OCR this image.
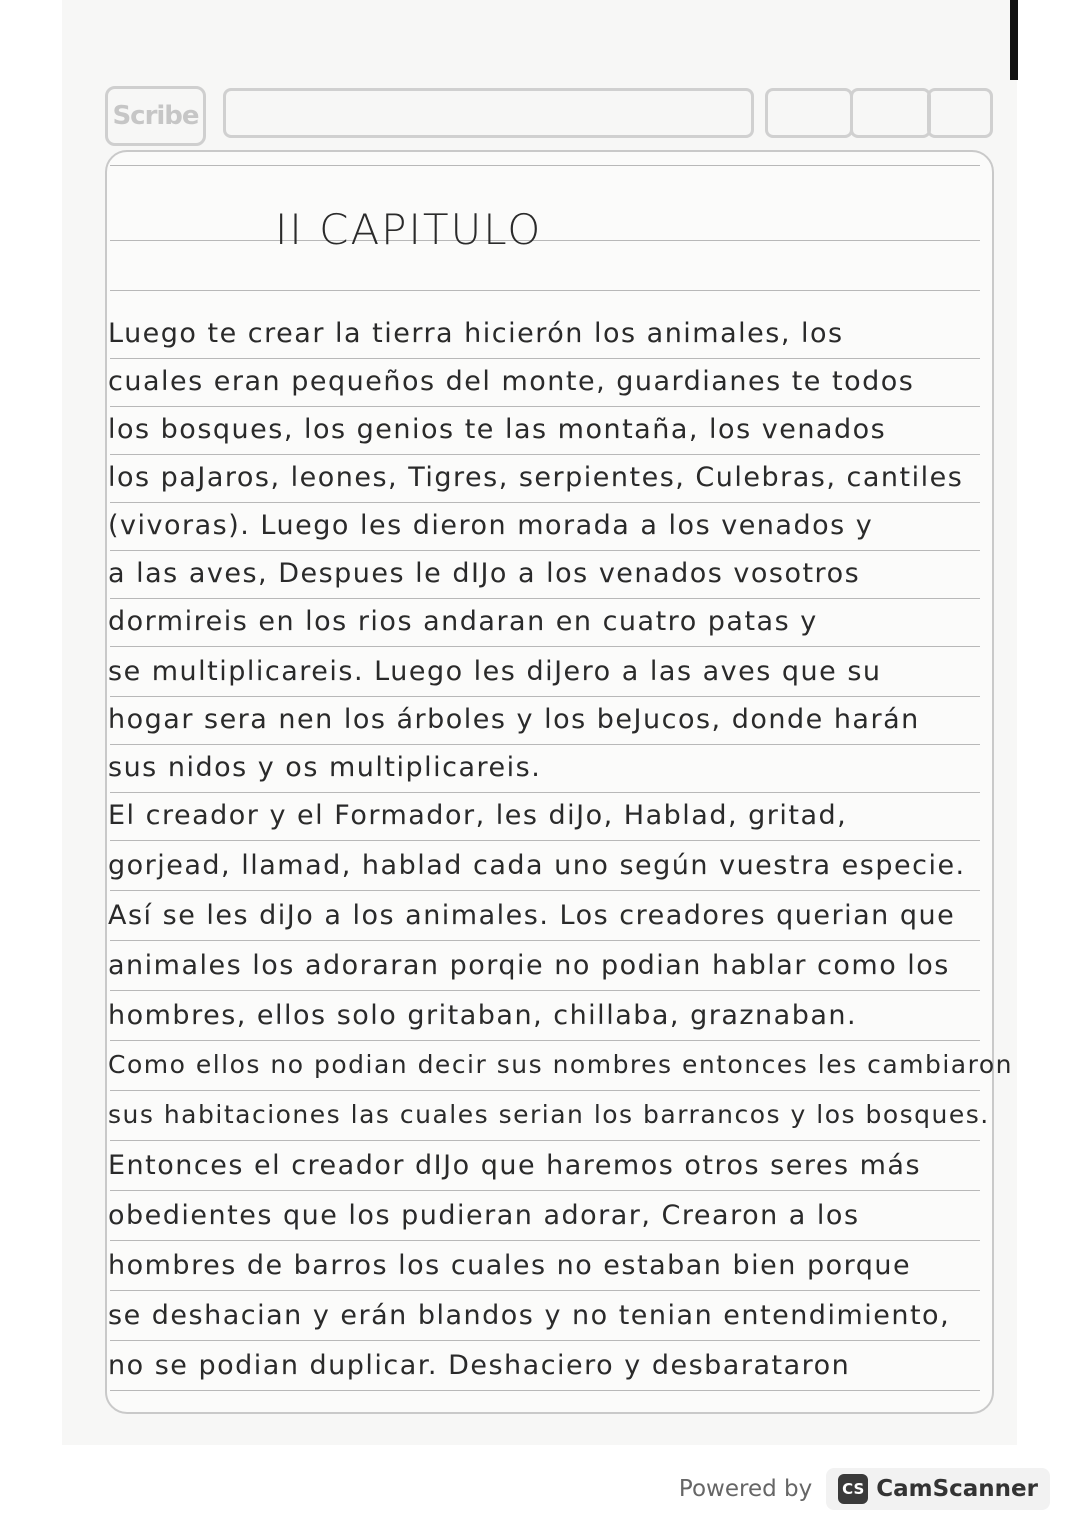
Scribe
II CAPITULO
Luego te crear la tierra hicierón los animales, los
cuales eran pequeños del monte, guardianes te todos
los bosques, los genios te las montaña, los venados
los paJaros, leones, Tigres, serpientes, Culebras, cantiles
(vivoras). Luego les dieron morada a los venados y
a las aves, Despues le dIJo a los venados vosotros
dormireis en los rios andaran en cuatro patas y
se multiplicareis. Luego les diJero a las aves que su
hogar sera nen los árboles y los beJucos, donde harán
sus nidos y os multiplicareis.
El creador y el Formador, les diJo, Hablad, gritad,
gorjead, llamad, hablad cada uno según vuestra especie.
Así se les diJo a los animales. Los creadores querian que
animales los adoraran porqie no podian hablar como los
hombres, ellos solo gritaban, chillaba, graznaban.
Como ellos no podian decir sus nombres entonces les cambiaron
sus habitaciones las cuales serian los barrancos y los bosques.
Entonces el creador dIJo que haremos otros seres más
obedientes que los pudieran adorar, Crearon a los
hombres de barros los cuales no estaban bien porque
se deshacian y erán blandos y no tenian entendimiento,
no se podian duplicar. Deshaciero y desbarataron
Powered by CS CamScanner
